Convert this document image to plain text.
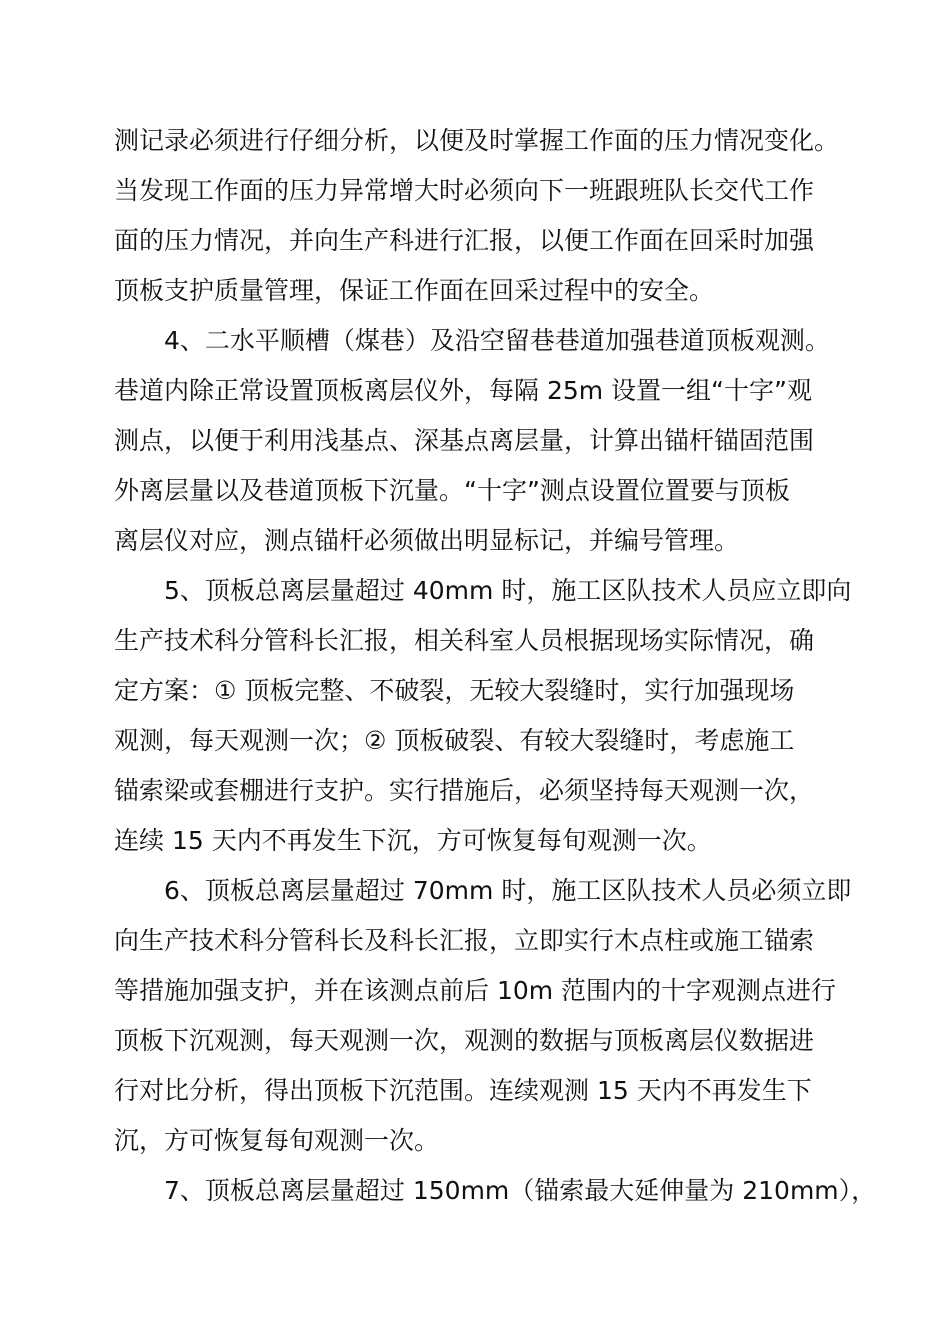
测记录必须进行仔细分析，以便及时掌握工作面的压力情况变化。
当发现工作面的压力异常增大时必须向下一班跟班队长交代工作
面的压力情况，并向生产科进行汇报，以便工作面在回采时加强
顶板支护质量管理，保证工作面在回采过程中的安全。
4、二水平顺槽（煤巷）及沿空留巷巷道加强巷道顶板观测。
巷道内除正常设置顶板离层仪外，每隔 25m 设置一组“十字”观
测点，以便于利用浅基点、深基点离层量，计算出锚杆锚固范围
外离层量以及巷道顶板下沉量。“十字”测点设置位置要与顶板
离层仪对应，测点锚杆必须做出明显标记，并编号管理。
5、顶板总离层量超过 40mm 时，施工区队技术人员应立即向
生产技术科分管科长汇报，相关科室人员根据现场实际情况，确
定方案：① 顶板完整、不破裂，无较大裂缝时，实行加强现场
观测，每天观测一次；② 顶板破裂、有较大裂缝时，考虑施工
锚索梁或套棚进行支护。实行措施后，必须坚持每天观测一次，
连续 15 天内不再发生下沉，方可恢复每旬观测一次。
6、顶板总离层量超过 70mm 时，施工区队技术人员必须立即
向生产技术科分管科长及科长汇报，立即实行木点柱或施工锚索
等措施加强支护，并在该测点前后 10m 范围内的十字观测点进行
顶板下沉观测，每天观测一次，观测的数据与顶板离层仪数据进
行对比分析，得出顶板下沉范围。连续观测 15 天内不再发生下
沉，方可恢复每旬观测一次。
7、顶板总离层量超过 150mm（锚索最大延伸量为 210mm），
